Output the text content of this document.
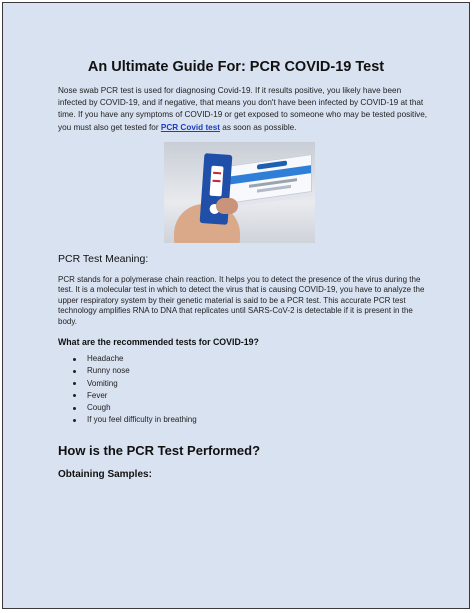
An Ultimate Guide For: PCR COVID-19 Test

Nose swab PCR test is used for diagnosing Covid-19. If it results positive, you likely have been infected by COVID-19, and if negative, that means you don't have been infected by COVID-19 at that time. If you have any symptoms of COVID-19 or get exposed to someone who may be tested positive, you must also get tested for PCR Covid test as soon as possible.

PCR Test Meaning:

PCR stands for a polymerase chain reaction. It helps you to detect the presence of the virus during the test. It is a molecular test in which to detect the virus that is causing COVID-19, you have to analyze the upper respiratory system by their genetic material is said to be a PCR test. This accurate PCR test technology amplifies RNA to DNA that replicates until SARS-CoV-2 is detectable if it is present in the body.

What are the recommended tests for COVID-19?
Headache
Runny nose
Vomiting
Fever
Cough
If you feel difficulty in breathing
How is the PCR Test Performed?
Obtaining Samples:
